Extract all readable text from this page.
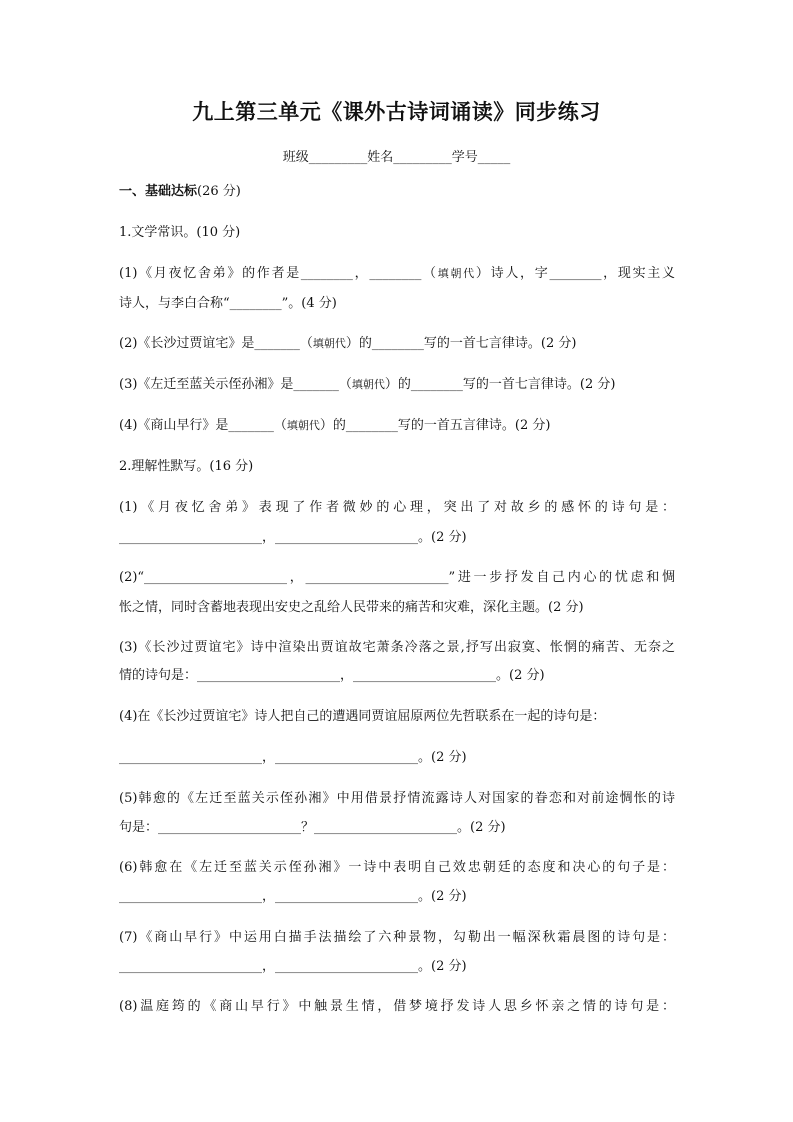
九上第三单元《课外古诗词诵读》同步练习
班级_________姓名_________学号_____
一、基础达标(26 分)
1.文学常识。(10 分)
(1)《月夜忆舍弟》的作者是________，________（填朝代）诗人，字________，现实主义
诗人，与李白合称“________”。(4 分)
(2)《长沙过贾谊宅》是_______（填朝代）的________写的一首七言律诗。(2 分)
(3)《左迁至蓝关示侄孙湘》是_______（填朝代）的________写的一首七言律诗。(2 分)
(4)《商山早行》是_______（填朝代）的________写的一首五言律诗。(2 分)
2.理解性默写。(16 分)
(1)《月夜忆舍弟》表现了作者微妙的心理，突出了对故乡的感怀的诗句是：
______________________，______________________。(2 分)
(2)“______________________，______________________”进一步抒发自己内心的忧虑和惆
怅之情，同时含蓄地表现出安史之乱给人民带来的痛苦和灾难，深化主题。(2 分)
(3)《长沙过贾谊宅》诗中渲染出贾谊故宅萧条冷落之景,抒写出寂寞、怅惘的痛苦、无奈之
情的诗句是：______________________，______________________。(2 分)
(4)在《长沙过贾谊宅》诗人把自己的遭遇同贾谊屈原两位先哲联系在一起的诗句是：
______________________，______________________。(2 分)
(5)韩愈的《左迁至蓝关示侄孙湘》中用借景抒情流露诗人对国家的眷恋和对前途惆怅的诗
句是：______________________？______________________。(2 分)
(6)韩愈在《左迁至蓝关示侄孙湘》一诗中表明自己效忠朝廷的态度和决心的句子是：
______________________，______________________。(2 分)
(7)《商山早行》中运用白描手法描绘了六种景物，勾勒出一幅深秋霜晨图的诗句是：
______________________，______________________。(2 分)
(8)温庭筠的《商山早行》中触景生情，借梦境抒发诗人思乡怀亲之情的诗句是：
